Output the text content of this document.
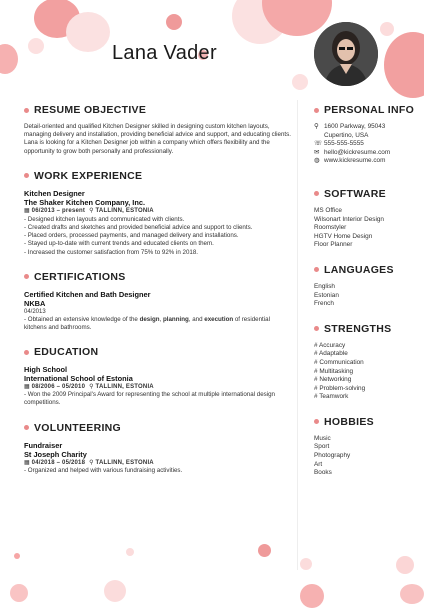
Lana Vader
RESUME OBJECTIVE

Detail-oriented and qualified Kitchen Designer skilled in designing custom kitchen layouts, managing delivery and installation, providing beneficial advice and support, and educating clients. Lana is looking for a Kitchen Designer job within a company which offers flexibility and the opportunity to grow both personally and professionally.

WORK EXPERIENCE
Kitchen Designer
The Shaker Kitchen Company, Inc.
▦ 06/2013 – present ⚲ TALLINN, ESTONIA
- Designed kitchen layouts and communicated with clients.
- Created drafts and sketches and provided beneficial advice and support to clients.
- Placed orders, processed payments, and managed delivery and installations.
- Stayed up-to-date with current trends and educated clients on them.
- Increased the customer satisfaction from 75% to 92% in 2018.
CERTIFICATIONS
Certified Kitchen and Bath Designer
NKBA
04/2013

- Obtained an extensive knowledge of the design, planning, and execution of residential kitchens and bathrooms.

EDUCATION
High School
International School of Estonia
▦ 08/2006 – 05/2010 ⚲ TALLINN, ESTONIA

- Won the 2009 Principal's Award for representing the school at multiple international design competitions.

VOLUNTEERING
Fundraiser
St Joseph Charity
▦ 04/2018 – 05/2018 ⚲ TALLINN, ESTONIA

- Organized and helped with various fundraising activities.

PERSONAL INFO
⚲ 1600 Parkway, 95043
Cupertino, USA
☏ 555-555-5555
✉ hello@kickresume.com
◍ www.kickresume.com
SOFTWARE
MS Office
Wilsonart Interior Design
Roomstyler
HGTV Home Design
Floor Planner
LANGUAGES
English
Estonian
French
STRENGTHS
# Accuracy
# Adaptable
# Communication
# Multitasking
# Networking
# Problem-solving
# Teamwork
HOBBIES
Music
Sport
Photography
Art
Books
